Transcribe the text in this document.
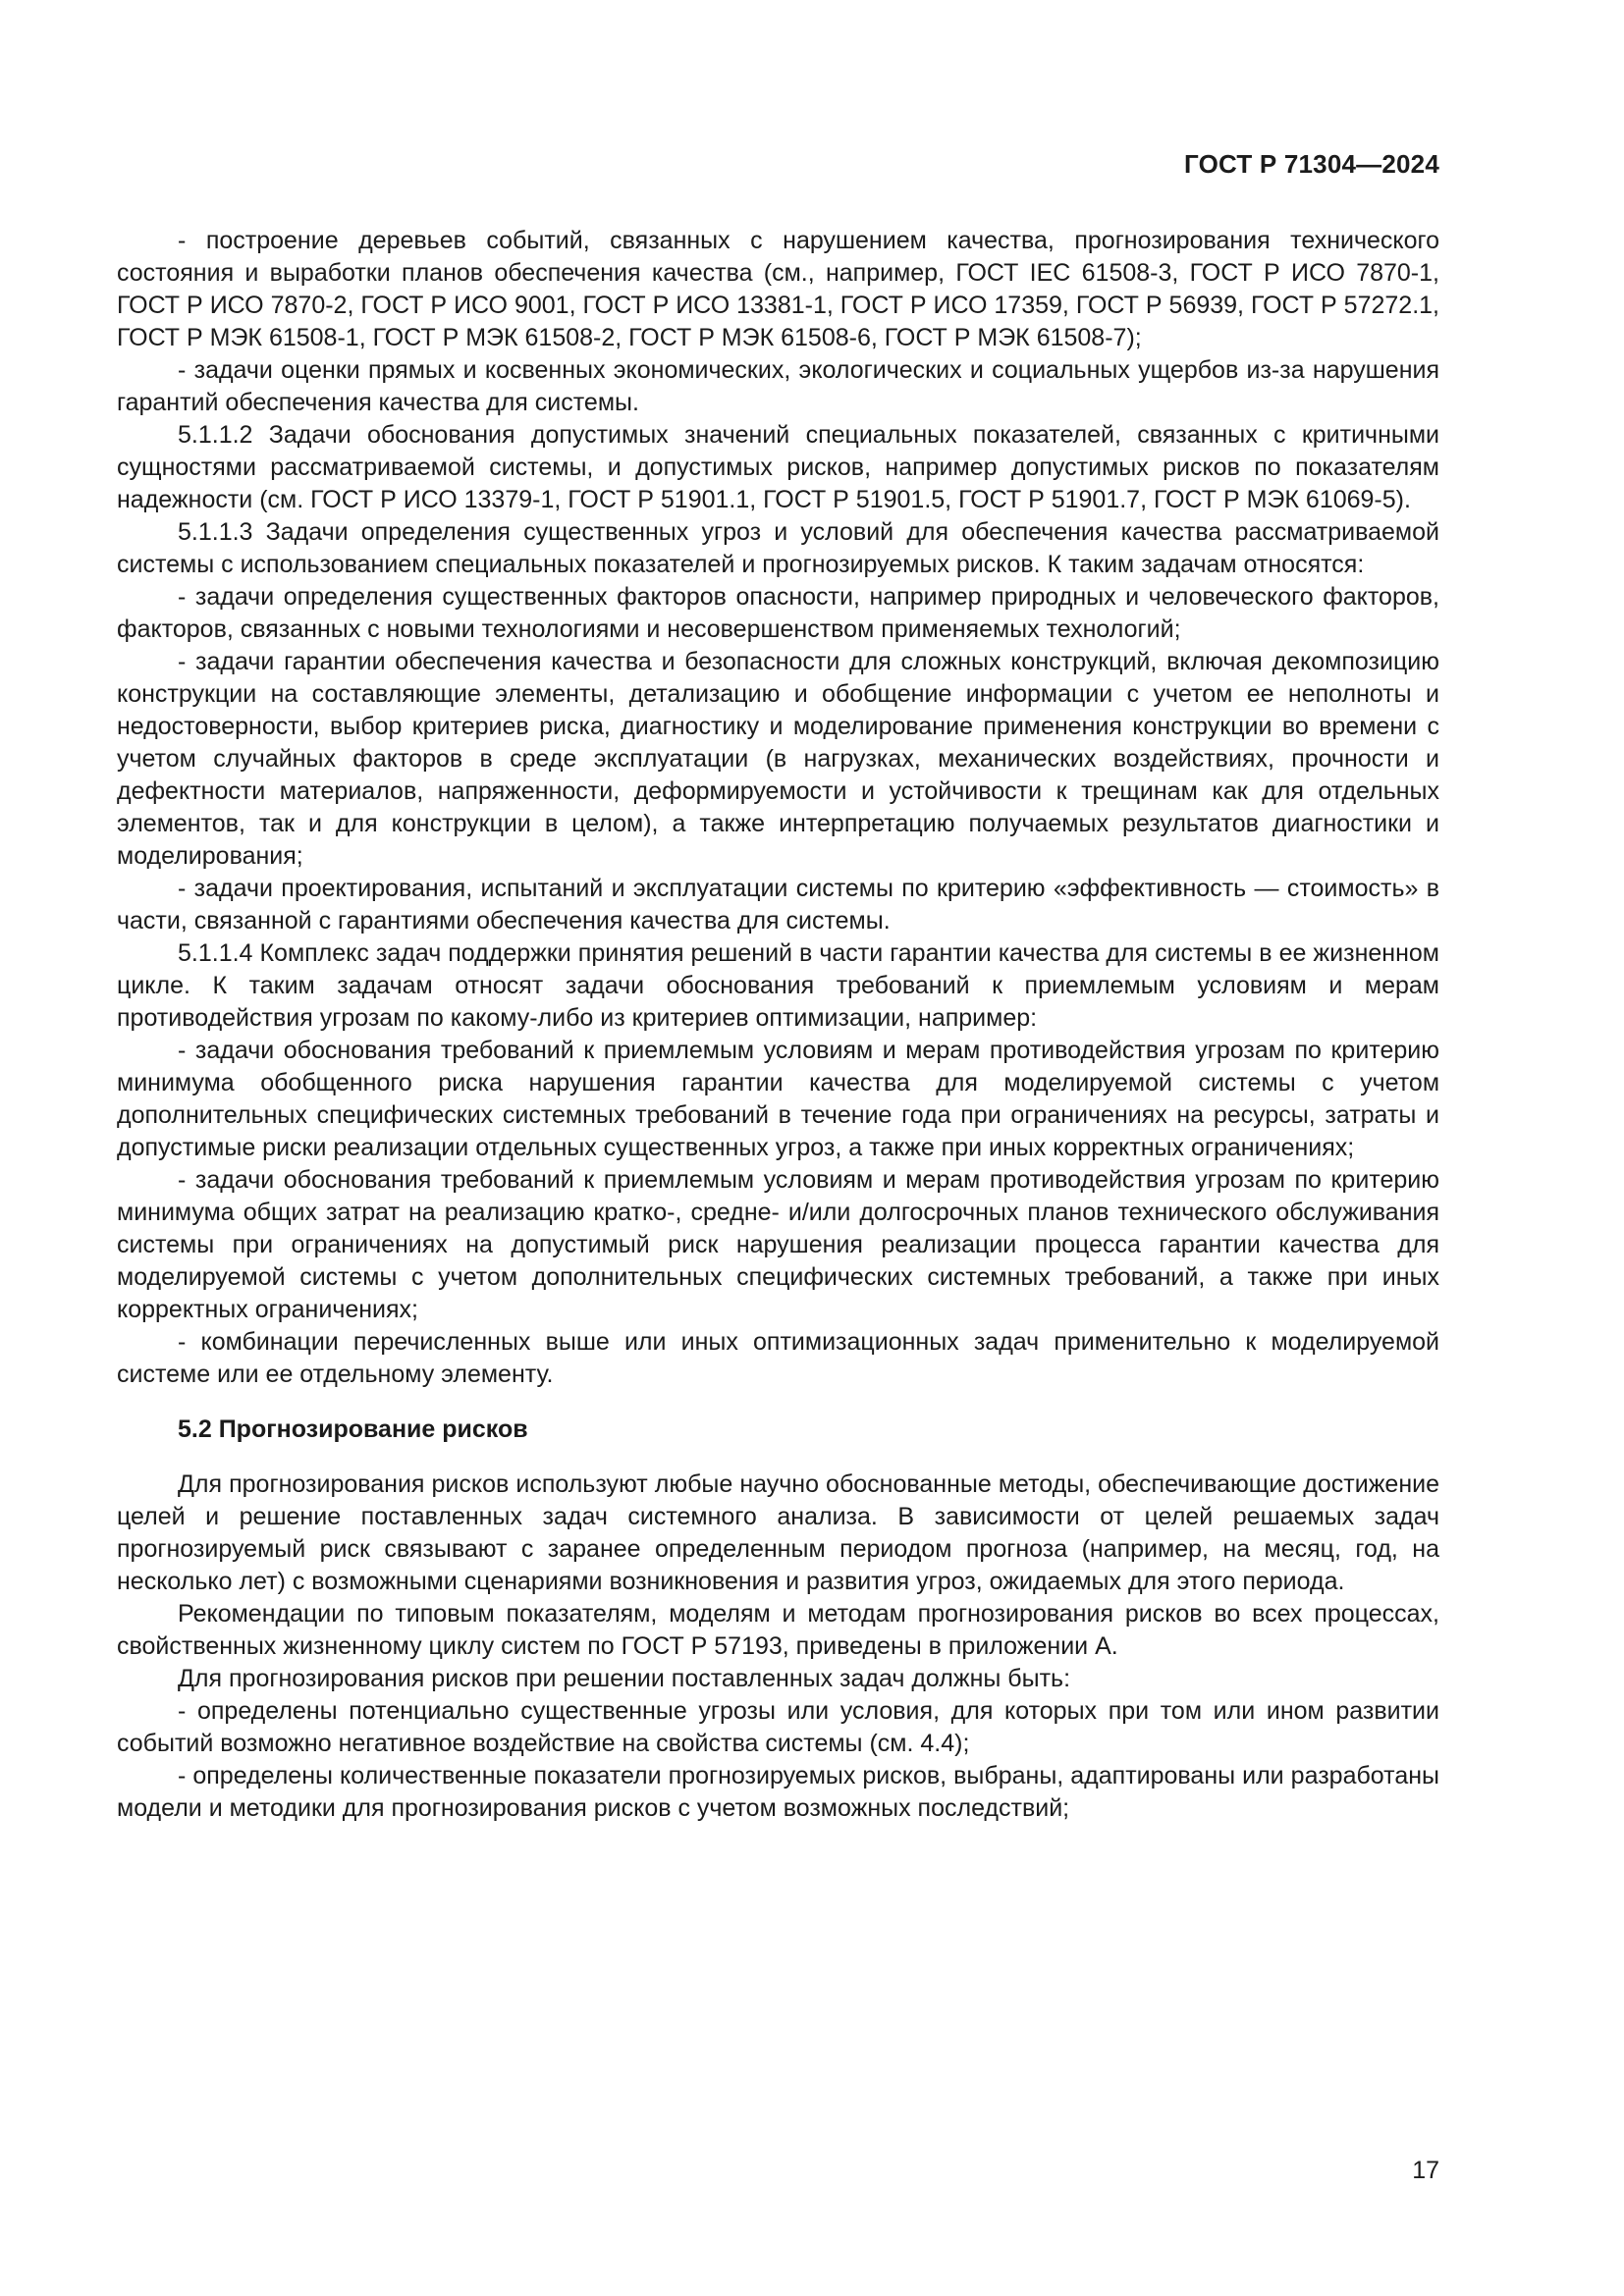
ГОСТ Р 71304—2024

- построение деревьев событий, связанных с нарушением качества, прогнозирования технического состояния и выработки планов обеспечения качества (см., например, ГОСТ IEC 61508-3, ГОСТ Р ИСО 7870-1, ГОСТ Р ИСО 7870-2, ГОСТ Р ИСО 9001, ГОСТ Р ИСО 13381-1, ГОСТ Р ИСО 17359, ГОСТ Р 56939, ГОСТ Р 57272.1, ГОСТ Р МЭК 61508-1, ГОСТ Р МЭК 61508-2, ГОСТ Р МЭК 61508-6, ГОСТ Р МЭК 61508-7);

- задачи оценки прямых и косвенных экономических, экологических и социальных ущербов из-за нарушения гарантий обеспечения качества для системы.

5.1.1.2 Задачи обоснования допустимых значений специальных показателей, связанных с критичными сущностями рассматриваемой системы, и допустимых рисков, например допустимых рисков по показателям надежности (см. ГОСТ Р ИСО 13379-1, ГОСТ Р 51901.1, ГОСТ Р 51901.5, ГОСТ Р 51901.7, ГОСТ Р МЭК 61069-5).

5.1.1.3 Задачи определения существенных угроз и условий для обеспечения качества рассматриваемой системы с использованием специальных показателей и прогнозируемых рисков. К таким задачам относятся:

- задачи определения существенных факторов опасности, например природных и человеческого факторов, факторов, связанных с новыми технологиями и несовершенством применяемых технологий;

- задачи гарантии обеспечения качества и безопасности для сложных конструкций, включая декомпозицию конструкции на составляющие элементы, детализацию и обобщение информации с учетом ее неполноты и недостоверности, выбор критериев риска, диагностику и моделирование применения конструкции во времени с учетом случайных факторов в среде эксплуатации (в нагрузках, механических воздействиях, прочности и дефектности материалов, напряженности, деформируемости и устойчивости к трещинам как для отдельных элементов, так и для конструкции в целом), а также интерпретацию получаемых результатов диагностики и моделирования;

- задачи проектирования, испытаний и эксплуатации системы по критерию «эффективность — стоимость» в части, связанной с гарантиями обеспечения качества для системы.

5.1.1.4 Комплекс задач поддержки принятия решений в части гарантии качества для системы в ее жизненном цикле. К таким задачам относят задачи обоснования требований к приемлемым условиям и мерам противодействия угрозам по какому-либо из критериев оптимизации, например:

- задачи обоснования требований к приемлемым условиям и мерам противодействия угрозам по критерию минимума обобщенного риска нарушения гарантии качества для моделируемой системы с учетом дополнительных специфических системных требований в течение года при ограничениях на ресурсы, затраты и допустимые риски реализации отдельных существенных угроз, а также при иных корректных ограничениях;

- задачи обоснования требований к приемлемым условиям и мерам противодействия угрозам по критерию минимума общих затрат на реализацию кратко-, средне- и/или долгосрочных планов технического обслуживания системы при ограничениях на допустимый риск нарушения реализации процесса гарантии качества для моделируемой системы с учетом дополнительных специфических системных требований, а также при иных корректных ограничениях;

- комбинации перечисленных выше или иных оптимизационных задач применительно к моделируемой системе или ее отдельному элементу.

5.2 Прогнозирование рисков

Для прогнозирования рисков используют любые научно обоснованные методы, обеспечивающие достижение целей и решение поставленных задач системного анализа. В зависимости от целей решаемых задач прогнозируемый риск связывают с заранее определенным периодом прогноза (например, на месяц, год, на несколько лет) с возможными сценариями возникновения и развития угроз, ожидаемых для этого периода.

Рекомендации по типовым показателям, моделям и методам прогнозирования рисков во всех процессах, свойственных жизненному циклу систем по ГОСТ Р 57193, приведены в приложении А.

Для прогнозирования рисков при решении поставленных задач должны быть:

- определены потенциально существенные угрозы или условия, для которых при том или ином развитии событий возможно негативное воздействие на свойства системы (см. 4.4);

- определены количественные показатели прогнозируемых рисков, выбраны, адаптированы или разработаны модели и методики для прогнозирования рисков с учетом возможных последствий;

17
